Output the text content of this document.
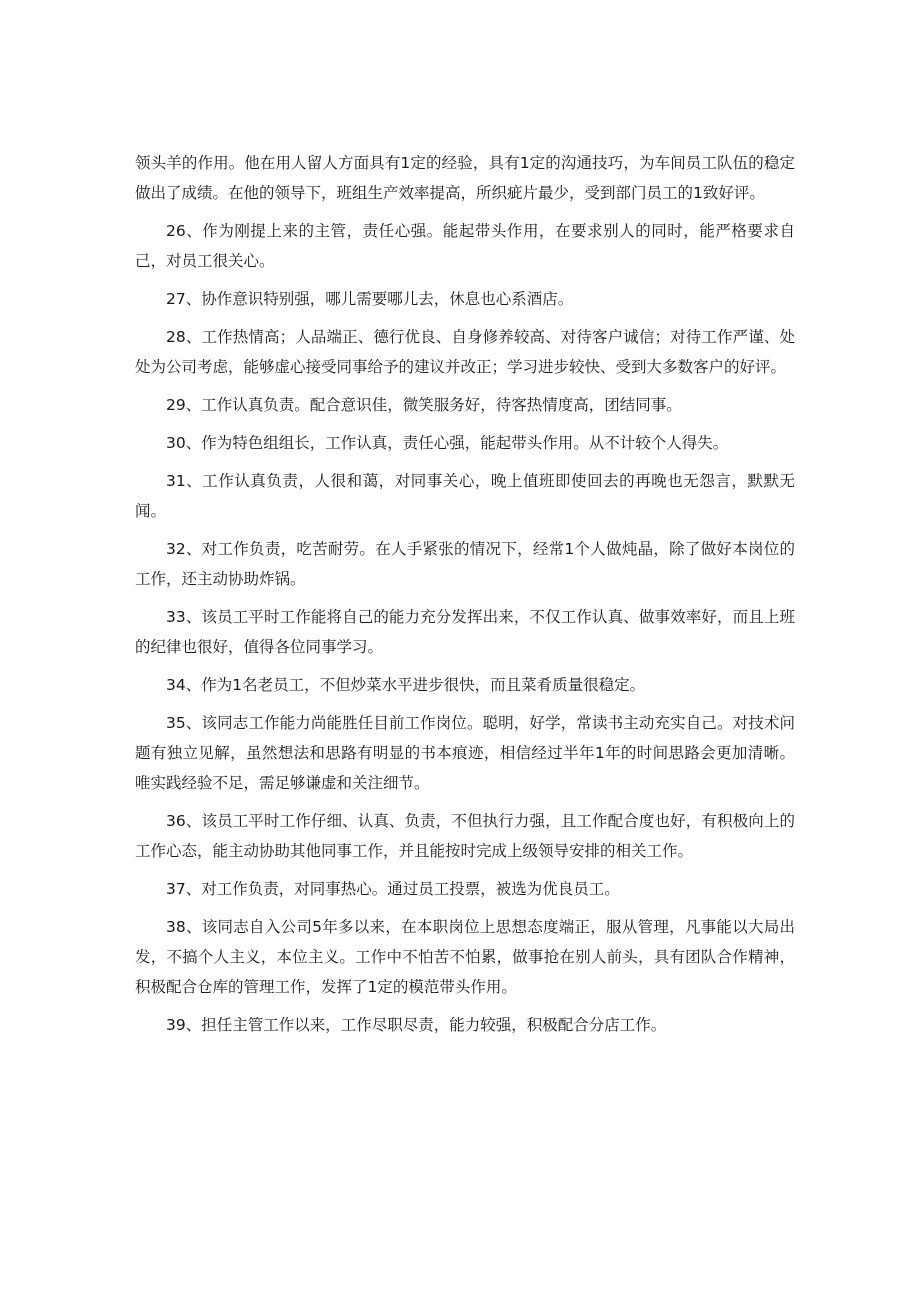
领头羊的作用。他在用人留人方面具有1定的经验，具有1定的沟通技巧，为车间员工队伍的稳定做出了成绩。在他的领导下，班组生产效率提高，所织疵片最少，受到部门员工的1致好评。

26、作为刚提上来的主管，责任心强。能起带头作用，在要求别人的同时，能严格要求自己，对员工很关心。

27、协作意识特别强，哪儿需要哪儿去，休息也心系酒店。

28、工作热情高；人品端正、德行优良、自身修养较高、对待客户诚信；对待工作严谨、处处为公司考虑，能够虚心接受同事给予的建议并改正；学习进步较快、受到大多数客户的好评。

29、工作认真负责。配合意识佳，微笑服务好，待客热情度高，团结同事。

30、作为特色组组长，工作认真，责任心强，能起带头作用。从不计较个人得失。

31、工作认真负责，人很和蔼，对同事关心，晚上值班即使回去的再晚也无怨言，默默无闻。

32、对工作负责，吃苦耐劳。在人手紧张的情况下，经常1个人做炖晶，除了做好本岗位的工作，还主动协助炸锅。

33、该员工平时工作能将自己的能力充分发挥出来，不仅工作认真、做事效率好，而且上班的纪律也很好，值得各位同事学习。

34、作为1名老员工，不但炒菜水平进步很快，而且菜肴质量很稳定。

35、该同志工作能力尚能胜任目前工作岗位。聪明，好学，常读书主动充实自己。对技术问题有独立见解，虽然想法和思路有明显的书本痕迹，相信经过半年1年的时间思路会更加清晰。唯实践经验不足，需足够谦虚和关注细节。

36、该员工平时工作仔细、认真、负责，不但执行力强，且工作配合度也好，有积极向上的工作心态，能主动协助其他同事工作，并且能按时完成上级领导安排的相关工作。

37、对工作负责，对同事热心。通过员工投票，被选为优良员工。

38、该同志自入公司5年多以来，在本职岗位上思想态度端正，服从管理，凡事能以大局出发，不搞个人主义，本位主义。工作中不怕苦不怕累，做事抢在别人前头，具有团队合作精神，积极配合仓库的管理工作，发挥了1定的模范带头作用。

39、担任主管工作以来，工作尽职尽责，能力较强，积极配合分店工作。
